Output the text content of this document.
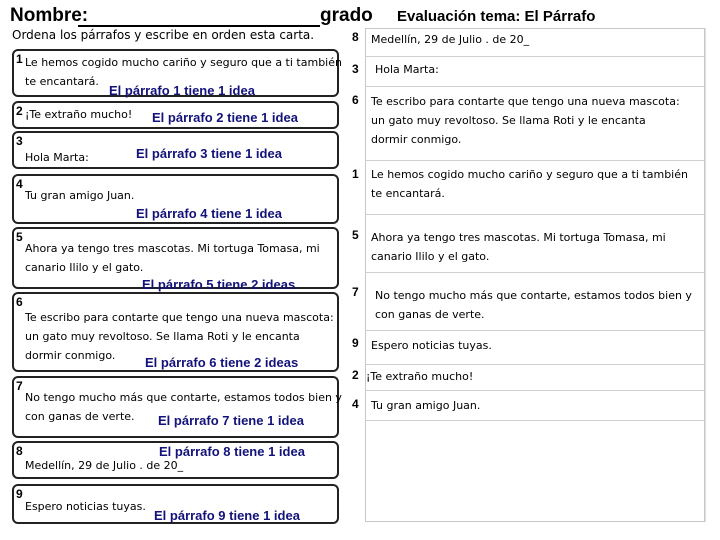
Nombre:	grado Evaluación tema: El Párrafo
Ordena los párrafos y escribe en orden esta carta.
1 Le hemos cogido mucho cariño y seguro que a ti también
te encantará.
2 ¡Te extraño mucho!
3
Hola Marta:
4
Tu gran amigo Juan.
5
Ahora ya tengo tres mascotas. Mi tortuga Tomasa, mi
canario Ililo y el gato.
6
Te escribo para contarte que tengo una nueva mascota:
un gato muy revoltoso. Se llama Roti y le encanta
dormir conmigo.
7
No tengo mucho más que contarte, estamos todos bien y
con ganas de verte.
8
Medellín, 29 de Julio . de 20_
9
Espero noticias tuyas.
El párrafo 1 tiene 1 idea
El párrafo 2 tiene 1 idea
El párrafo 3 tiene 1 idea
El párrafo 4 tiene 1 idea
El párrafo 5 tiene 2 ideas
El párrafo 6 tiene 2 ideas
El párrafo 7 tiene 1 idea
El párrafo 8 tiene 1 idea
El párrafo 9 tiene 1 idea
8 Medellín, 29 de Julio . de 20_
3 Hola Marta:
6 Te escribo para contarte que tengo una nueva mascota:
un gato muy revoltoso. Se llama Roti y le encanta
dormir conmigo.
1 Le hemos cogido mucho cariño y seguro que a ti también
te encantará.
5 Ahora ya tengo tres mascotas. Mi tortuga Tomasa, mi
canario Ililo y el gato.
7 No tengo mucho más que contarte, estamos todos bien y
con ganas de verte.
9 Espero noticias tuyas.
2 ¡Te extraño mucho!
4 Tu gran amigo Juan.
